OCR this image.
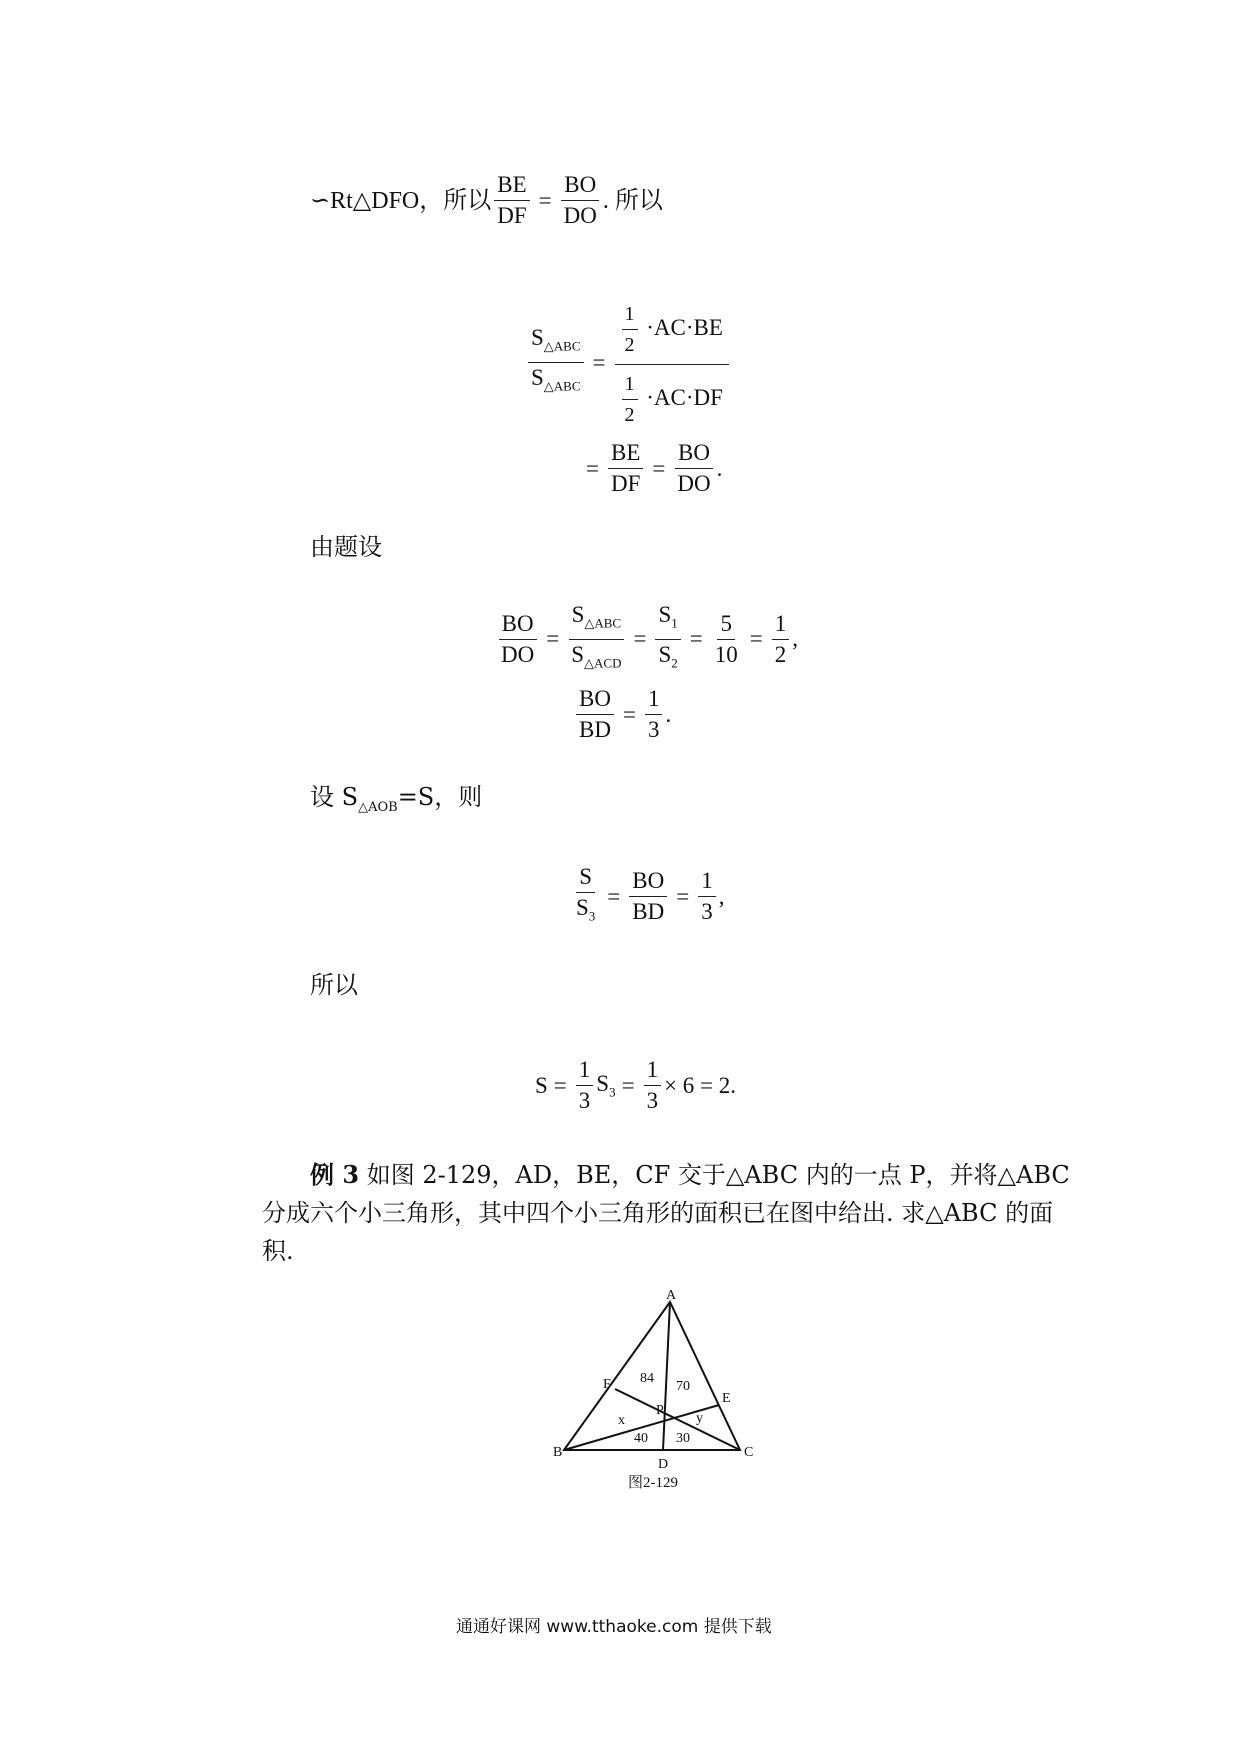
∽Rt△DFO，所以 $\frac{BE}{DF} = \frac{BO}{DO}$ . 所以
$\frac{S_{\triangle ABC}}{S_{\triangle ABC}} = \frac{\frac{1}{2} \cdot AC\cdot BE}{\frac{1}{2} \cdot AC\cdot DF}$
= $\frac{BE}{DF} = \frac{BO}{DO}$ .
由题设
$\frac{BO}{DO} = \frac{S_{\triangle ABC}}{S_{\triangle ACD}} = \frac{S_1}{S_2} = \frac{5}{10} = \frac{1}{2}$ ,
$\frac{BO}{BD} = \frac{1}{3}$ .
设 $S_{\triangle AOB}=S$，则
$\frac{S}{S_3} = \frac{BO}{BD} = \frac{1}{3}$ ,
所以
$S = \frac{1}{3} S_3 = \frac{1}{3} \times 6 = 2$.
例 3 如图 2-129，AD，BE，CF 交于△ABC 内的一点 P，并将△ABC 分成六个小三角形，其中四个小三角形的面积已在图中给出. 求△ABC 的面积.
A
B	C
D
E
F
P
84
70
x	y
40 30
图2-129
通通好课网 www.tthaoke.com 提供下载
